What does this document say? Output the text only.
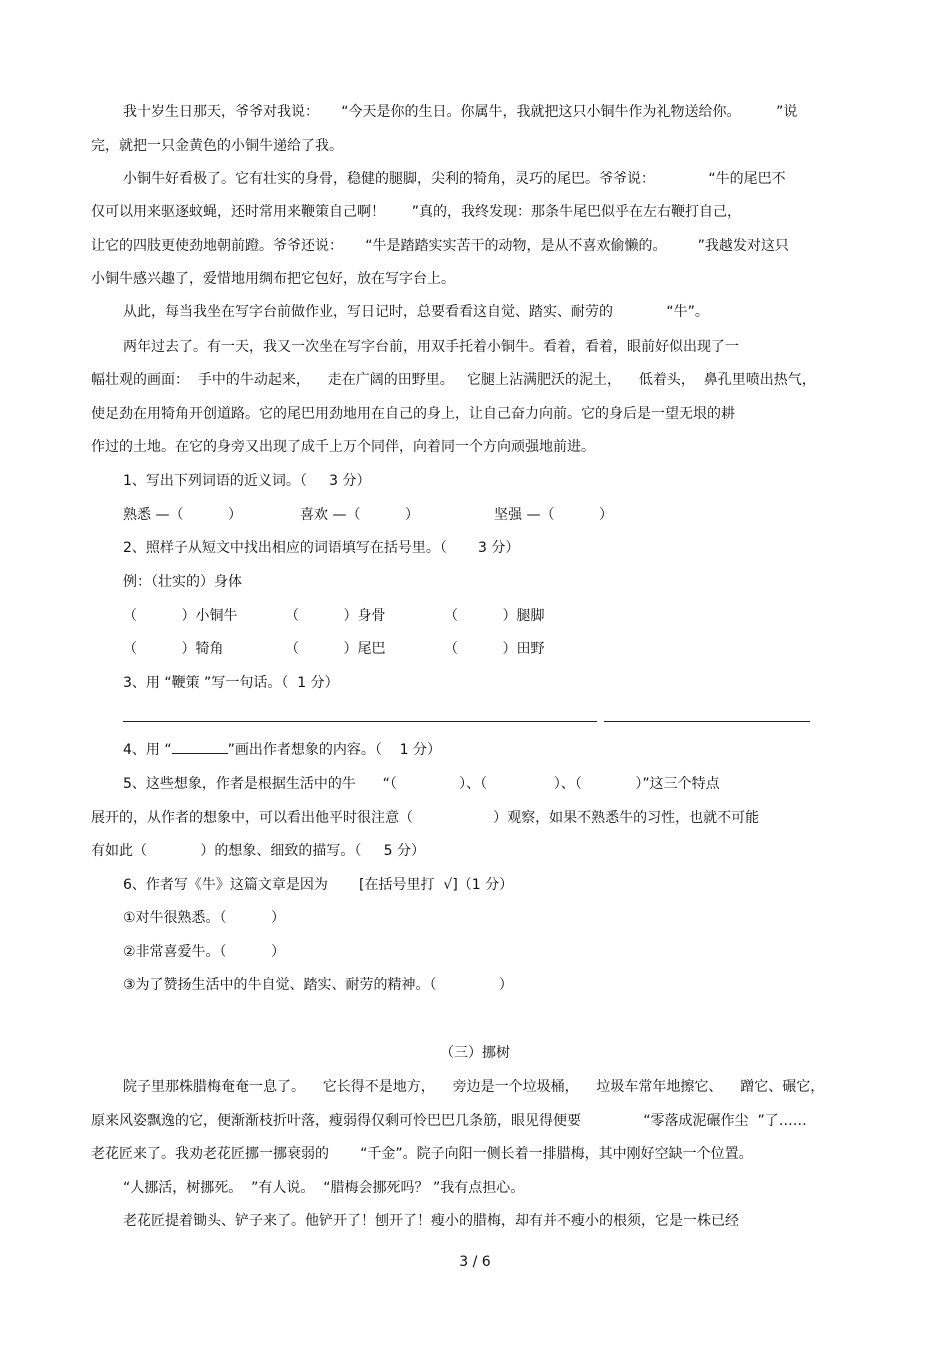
我十岁生日那天，爷爷对我说：     “今天是你的生日。你属牛，我就把这只小铜牛作为礼物送给你。        ”说
完，就把一只金黄色的小铜牛递给了我。
小铜牛好看极了。它有壮实的身骨，稳健的腿脚，尖利的犄角，灵巧的尾巴。爷爷说：            “牛的尾巴不
仅可以用来驱逐蚊蝇，还时常用来鞭策自己啊！      ”真的，我终发现：那条牛尾巴似乎在左右鞭打自己，
让它的四肢更使劲地朝前蹬。爷爷还说：     “牛是踏踏实实苦干的动物，是从不喜欢偷懒的。       ”我越发对这只
小铜牛感兴趣了，爱惜地用绸布把它包好，放在写字台上。
从此，每当我坐在写字台前做作业，写日记时，总要看看这自觉、踏实、耐劳的            “牛”。
两年过去了。有一天，我又一次坐在写字台前，用双手托着小铜牛。看着，看着，眼前好似出现了一
幅壮观的画面：  手中的牛动起来，    走在广阔的田野里。   它腿上沾满肥沃的泥土，    低着头，  鼻孔里喷出热气，
使足劲在用犄角开创道路。它的尾巴用劲地用在自己的身上，让自己奋力向前。它的身后是一望无垠的耕
作过的土地。在它的身旁又出现了成千上万个同伴，向着同一个方向顽强地前进。
1、写出下列词语的近义词。（     3 分）
熟悉 —（          ）	喜欢 —（          ）	坚强 —（          ）
2、照样子从短文中找出相应的词语填写在括号里。（       3 分）
例：（壮实的）身体
（          ）小铜牛	（          ）身骨	（          ）腿脚
（          ）犄角	（          ）尾巴	（          ）田野
3、用 “鞭策 ”写一句话。（  1 分）
4、用 “	”画出作者想象的内容。（    1 分）
5、这些想象，作者是根据生活中的牛      “（              ）、（               ）、（            ）”这三个特点
展开的，从作者的想象中，可以看出他平时很注意（                  ）观察，如果不熟悉牛的习性，也就不可能
有如此（            ）的想象、细致的描写。（     5 分）
6、作者写《牛》这篇文章是因为       [在括号里打  √]（1 分）
①对牛很熟悉。（          ）
②非常喜爱牛。（          ）
③为了赞扬生活中的牛自觉、踏实、耐劳的精神。（              ）
（三）挪树
院子里那株腊梅奄奄一息了。    它长得不是地方，    旁边是一个垃圾桶，    垃圾车常年地擦它、    蹭它、碾它，
原来风姿飘逸的它，便渐渐枝折叶落，瘦弱得仅剩可怜巴巴几条筋，眼见得便要              “零落成泥碾作尘  ”了……
老花匠来了。我劝老花匠挪一挪衰弱的       “千金”。院子向阳一侧长着一排腊梅，其中刚好空缺一个位置。
“人挪活，树挪死。  ”有人说。  “腊梅会挪死吗？ ”我有点担心。
老花匠提着锄头、铲子来了。他铲开了！刨开了！瘦小的腊梅，却有并不瘦小的根须，它是一株已经
3 / 6
